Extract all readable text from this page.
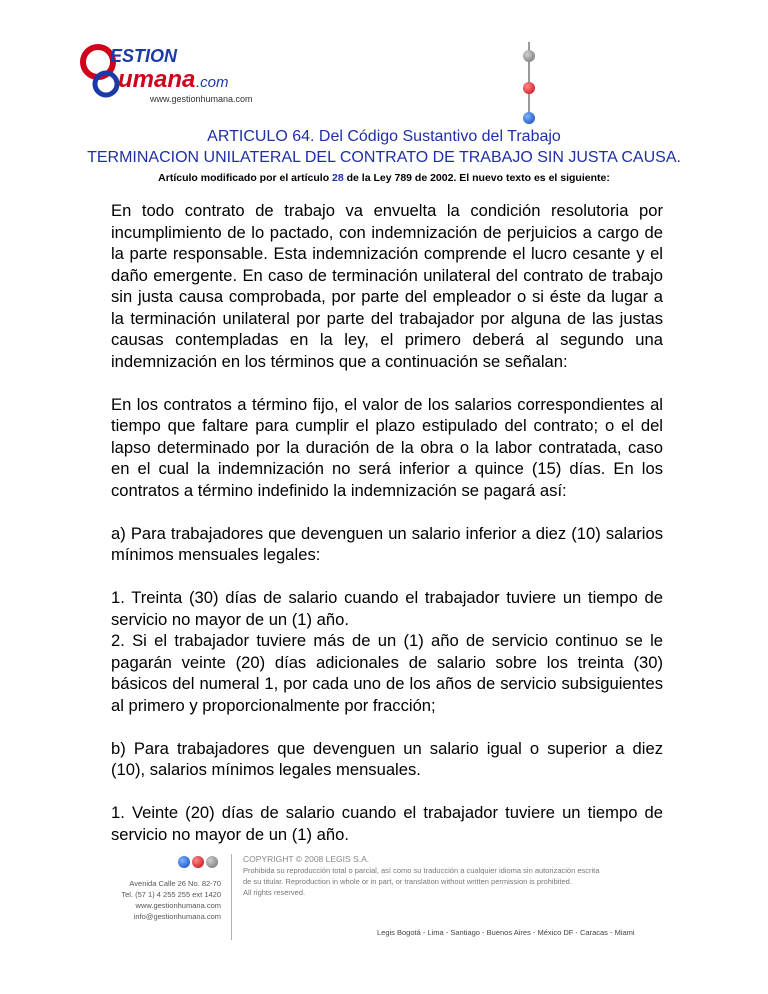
ESTION
umana .com
www.gestionhumana.com
ARTICULO 64. Del Código Sustantivo del Trabajo
TERMINACION UNILATERAL DEL CONTRATO DE TRABAJO SIN JUSTA CAUSA.
Artículo modificado por el artículo 28 de la Ley 789 de 2002. El nuevo texto es el siguiente:

En todo contrato de trabajo va envuelta la condición resolutoria por incumplimiento de lo pactado, con indemnización de perjuicios a cargo de la parte responsable. Esta indemnización comprende el lucro cesante y el daño emergente. En caso de terminación unilateral del contrato de trabajo sin justa causa comprobada, por parte del empleador o si éste da lugar a la terminación unilateral por parte del trabajador por alguna de las justas causas contempladas en la ley, el primero deberá al segundo una indemnización en los términos que a continuación se señalan:

En los contratos a término fijo, el valor de los salarios correspondientes al tiempo que faltare para cumplir el plazo estipulado del contrato; o el del lapso determinado por la duración de la obra o la labor contratada, caso en el cual la indemnización no será inferior a quince (15) días. En los contratos a término indefinido la indemnización se pagará así:

a) Para trabajadores que devenguen un salario inferior a diez (10) salarios mínimos mensuales legales:

1. Treinta (30) días de salario cuando el trabajador tuviere un tiempo de servicio no mayor de un (1) año.

2. Si el trabajador tuviere más de un (1) año de servicio continuo se le pagarán veinte (20) días adicionales de salario sobre los treinta (30) básicos del numeral 1, por cada uno de los años de servicio subsiguientes al primero y proporcionalmente por fracción;

b) Para trabajadores que devenguen un salario igual o superior a diez (10), salarios mínimos legales mensuales.

1. Veinte (20) días de salario cuando el trabajador tuviere un tiempo de servicio no mayor de un (1) año.

Avenida Calle 26 No. 82-70
Tel. (57 1) 4 255 255 ext 1420
www.gestionhumana.com
info@gestionhumana.com
COPYRIGHT © 2008 LEGIS S.A.
Prohibida su reproducción total o parcial, así como su traducción a cualquier idioma sin autorización escrita
de su titular. Reproduction in whole or in part, or translation without written permission is prohibited.
All rights reserved.
Legis Bogotá - Lima - Santiago - Buenos Aires - México DF - Caracas - Miami
